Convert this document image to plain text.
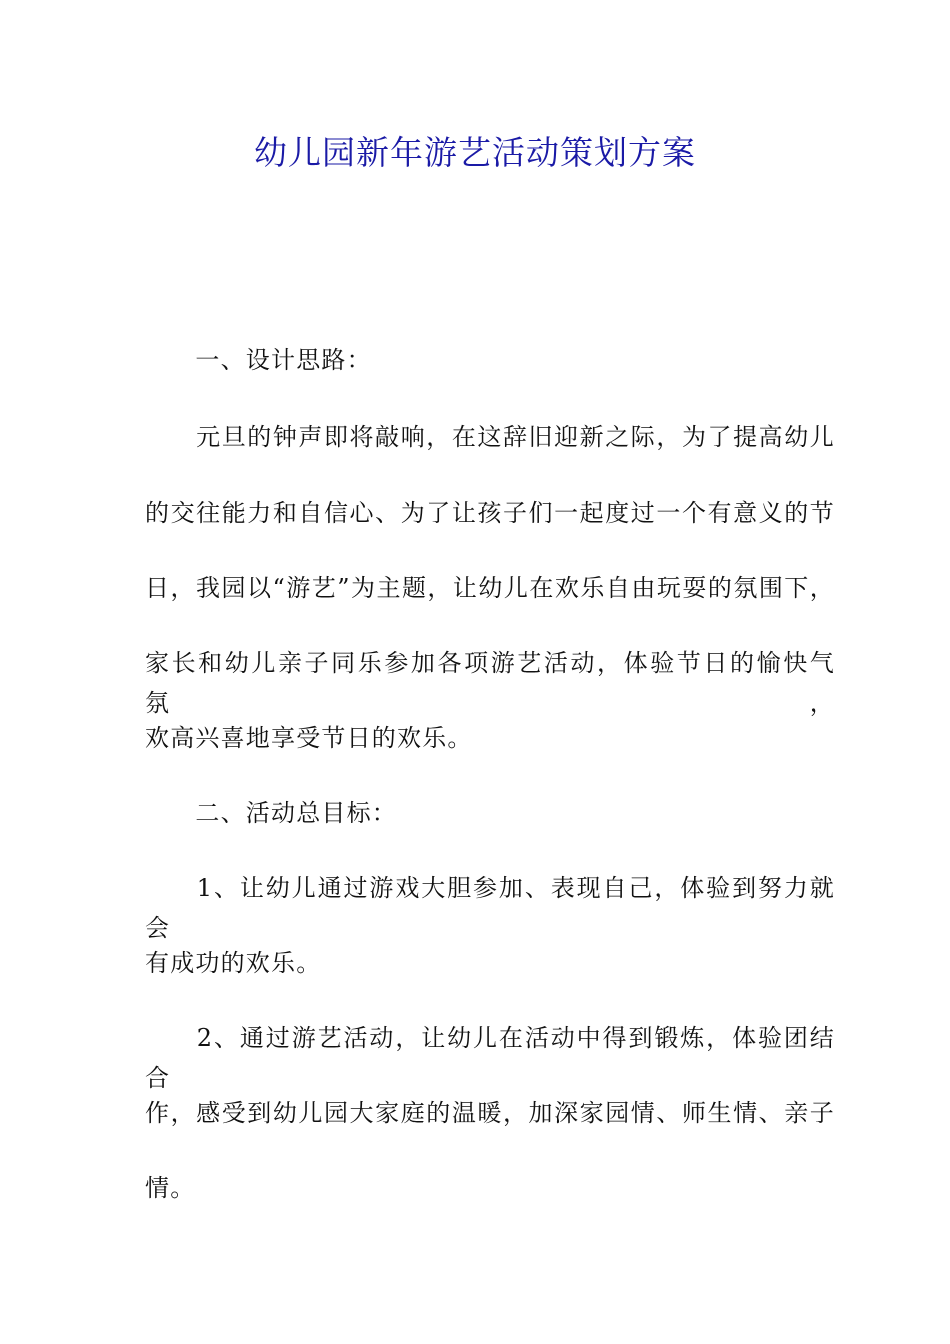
幼儿园新年游艺活动策划方案
　　一、设计思路：
　　元旦的钟声即将敲响，在这辞旧迎新之际，为了提高幼儿
的交往能力和自信心、为了让孩子们一起度过一个有意义的节
日，我园以“游艺”为主题，让幼儿在欢乐自由玩耍的氛围下，
家长和幼儿亲子同乐参加各项游艺活动，体验节日的愉快气氛，
欢高兴喜地享受节日的欢乐。
　　二、活动总目标：
　　1、让幼儿通过游戏大胆参加、表现自己，体验到努力就会
有成功的欢乐。
　　2、通过游艺活动，让幼儿在活动中得到锻炼，体验团结合
作，感受到幼儿园大家庭的温暖，加深家园情、师生情、亲子
情。
